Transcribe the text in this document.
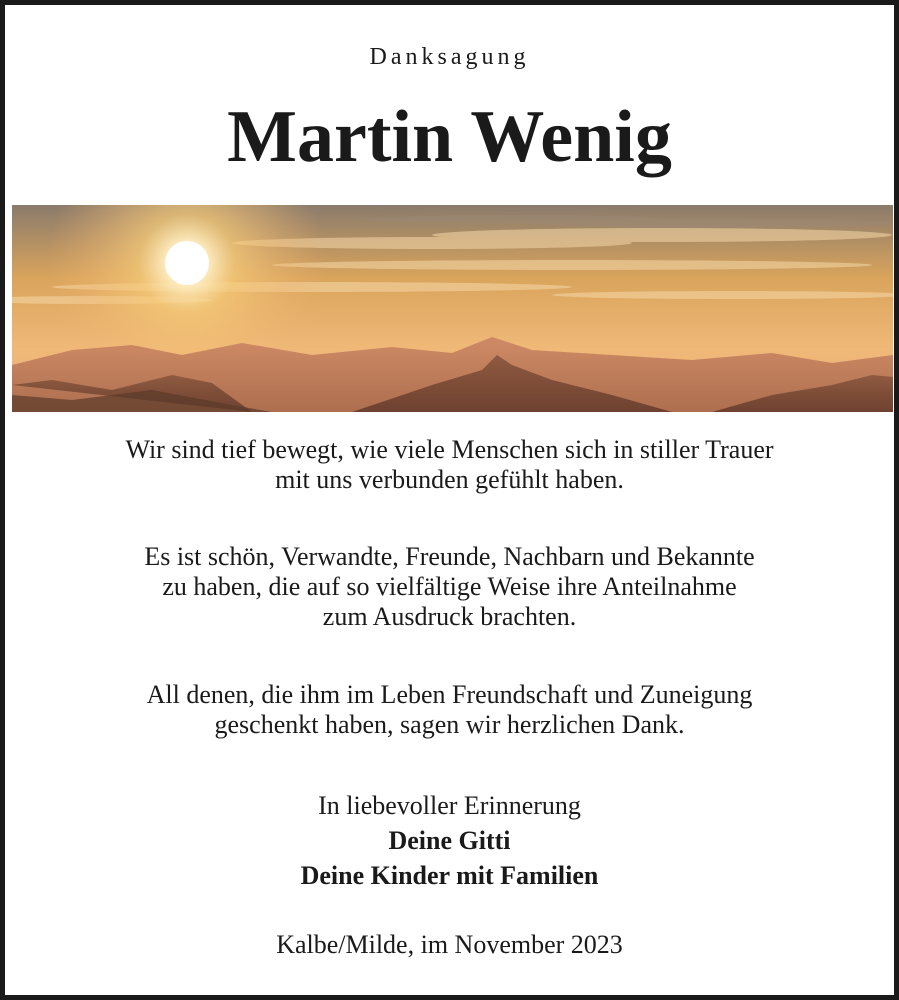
Danksagung
Martin Wenig
Wir sind tief bewegt, wie viele Menschen sich in stiller Trauer
mit uns verbunden gefühlt haben.
Es ist schön, Verwandte, Freunde, Nachbarn und Bekannte
zu haben, die auf so vielfältige Weise ihre Anteilnahme
zum Ausdruck brachten.
All denen, die ihm im Leben Freundschaft und Zuneigung
geschenkt haben, sagen wir herzlichen Dank.
In liebevoller Erinnerung
Deine Gitti
Deine Kinder mit Familien
Kalbe/Milde, im November 2023
